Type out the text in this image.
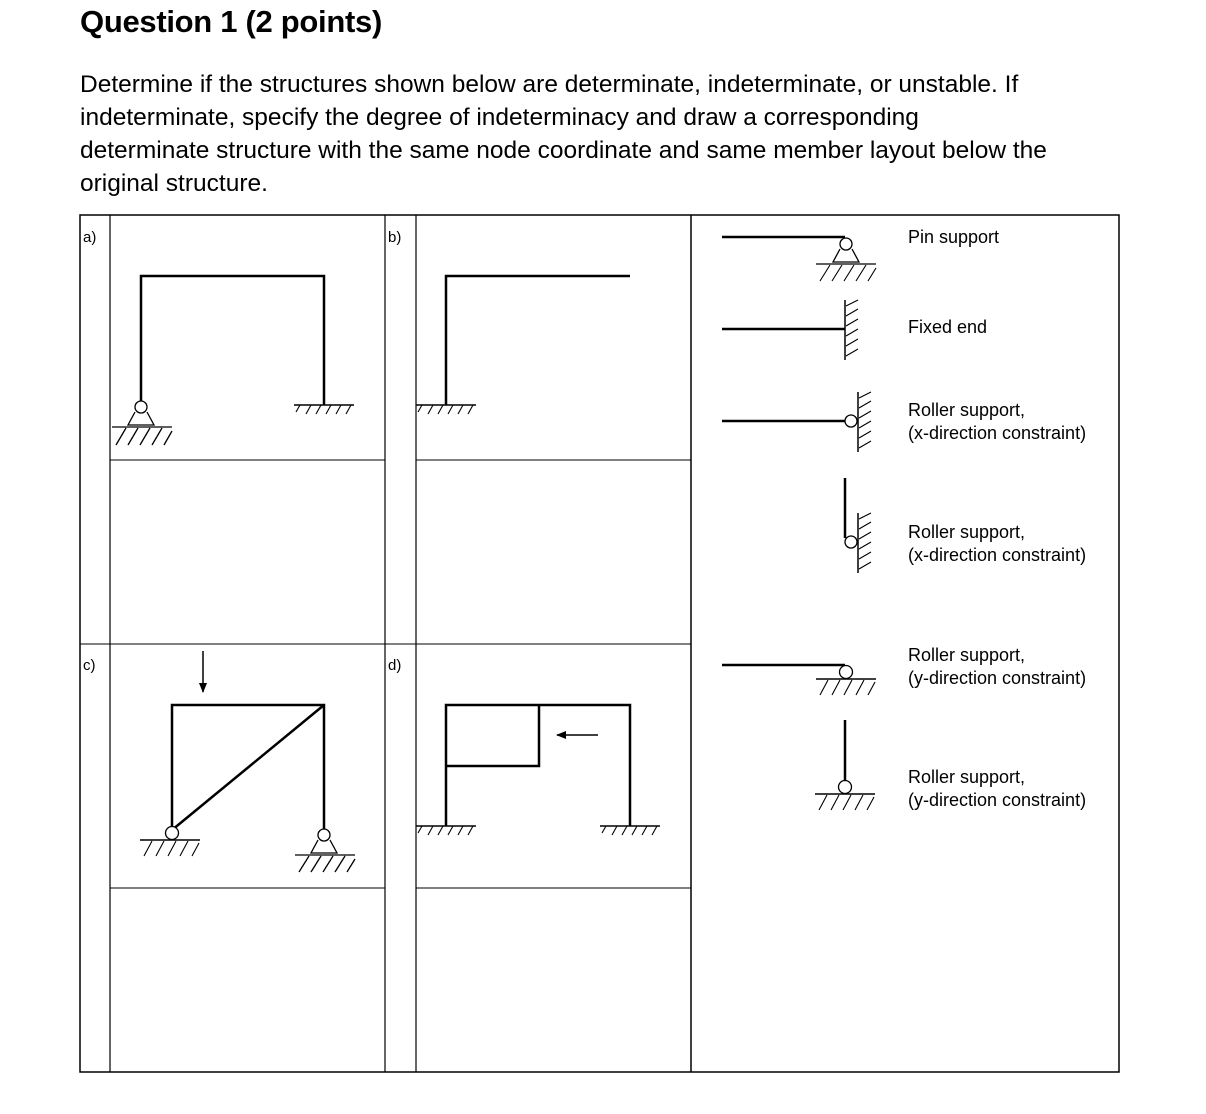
Question 1 (2 points)
Determine if the structures shown below are determinate, indeterminate, or unstable. If
indeterminate, specify the degree of indeterminacy and draw a corresponding
determinate structure with the same node coordinate and same member layout below the
original structure.
a)	b)
c)	d)
Pin support
Fixed end
Roller support,
(x-direction constraint)
Roller support,
(x-direction constraint)
Roller support,
(y-direction constraint)
Roller support,
(y-direction constraint)
